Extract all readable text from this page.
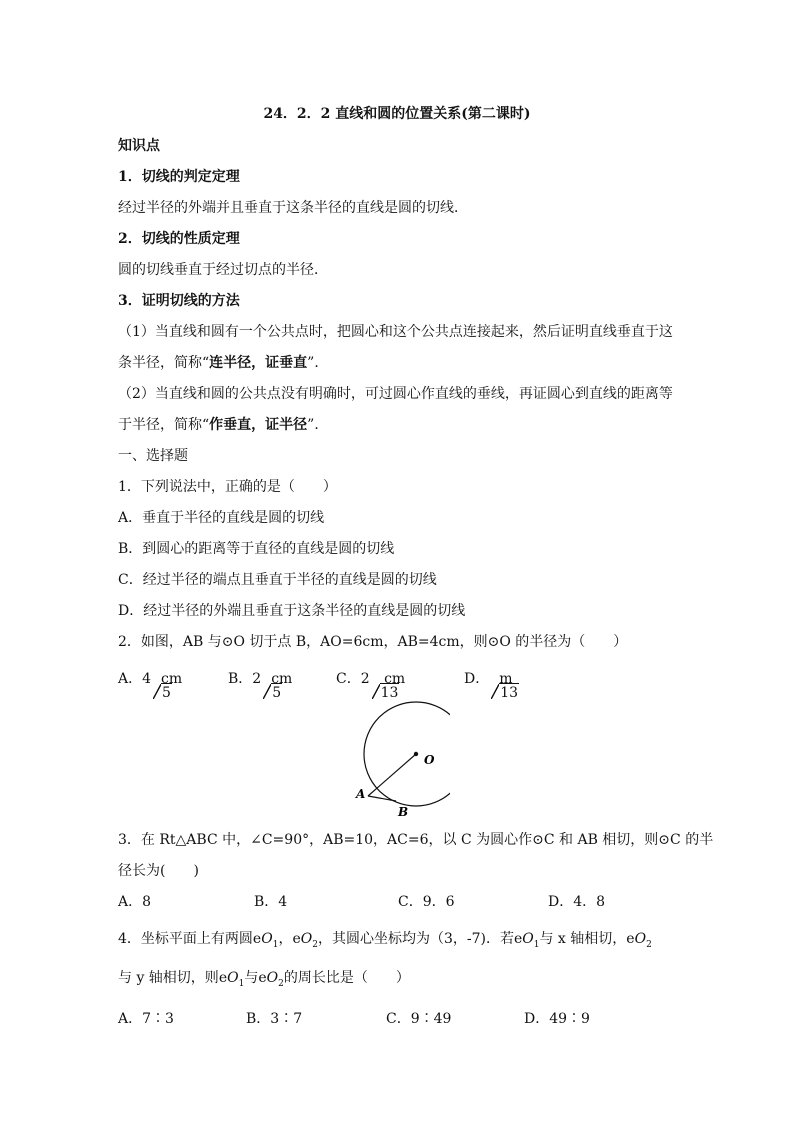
24．2．2 直线和圆的位置关系(第二课时)
知识点
1．切线的判定定理
经过半径的外端并且垂直于这条半径的直线是圆的切线．
2．切线的性质定理
圆的切线垂直于经过切点的半径．
3．证明切线的方法
（1）当直线和圆有一个公共点时，把圆心和这个公共点连接起来，然后证明直线垂直于这
条半径，简称“连半径，证垂直”．
（2）当直线和圆的公共点没有明确时，可过圆心作直线的垂线，再证圆心到直线的距离等
于半径，简称“作垂直，证半径”．
一、选择题
1．下列说法中，正确的是（　　）
A．垂直于半径的直线是圆的切线
B．到圆心的距离等于直径的直线是圆的切线
C．经过半径的端点且垂直于半径的直线是圆的切线
D．经过半径的外端且垂直于这条半径的直线是圆的切线
2．如图，AB 与⊙O 切于点 B，AO=6cm，AB=4cm，则⊙O 的半径为（　　）
A．4
5
cm	B．2
5
cm	C．2
13
cm	D．
13
m
O
A
B
3．在 Rt△ABC 中，∠C=90°，AB=10，AC=6，以 C 为圆心作⊙C 和 AB 相切，则⊙C 的半
径长为(　　)
A．8	B．4	C．9．6	D．4．8
4．坐标平面上有两圆$eO_1$，$eO_2$，其圆心坐标均为（3，-7)．若$eO_1$与 x 轴相切，$eO_2$
与 y 轴相切，则$eO_1$与$eO_2$的周长比是（　　）
A．7∶3	B．3∶7	C．9∶49	D．49∶9
